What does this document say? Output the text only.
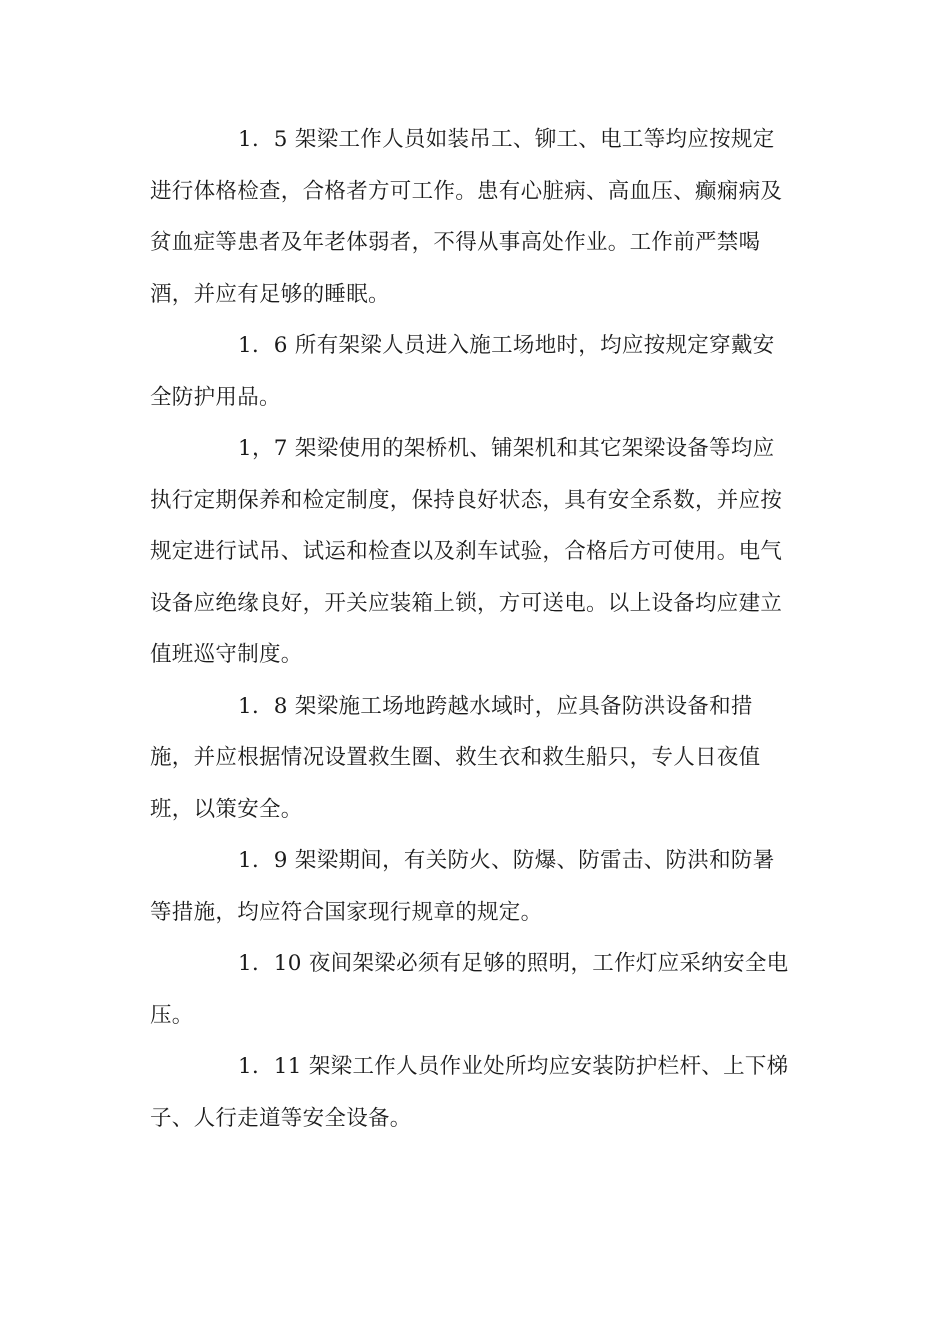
1．5 架梁工作人员如装吊工、铆工、电工等均应按规定
进行体格检查，合格者方可工作。患有心脏病、高血压、癫痫病及
贫血症等患者及年老体弱者，不得从事高处作业。工作前严禁喝
酒，并应有足够的睡眠。

1．6 所有架梁人员进入施工场地时，均应按规定穿戴安
全防护用品。

1，7 架梁使用的架桥机、铺架机和其它架梁设备等均应
执行定期保养和检定制度，保持良好状态，具有安全系数，并应按
规定进行试吊、试运和检查以及刹车试验，合格后方可使用。电气
设备应绝缘良好，开关应装箱上锁，方可送电。以上设备均应建立
值班巡守制度。

1．8 架梁施工场地跨越水域时，应具备防洪设备和措
施，并应根据情况设置救生圈、救生衣和救生船只，专人日夜值
班，以策安全。

1．9 架梁期间，有关防火、防爆、防雷击、防洪和防暑
等措施，均应符合国家现行规章的规定。

1．10 夜间架梁必须有足够的照明，工作灯应采纳安全电
压。

1．11 架梁工作人员作业处所均应安装防护栏杆、上下梯
子、人行走道等安全设备。
